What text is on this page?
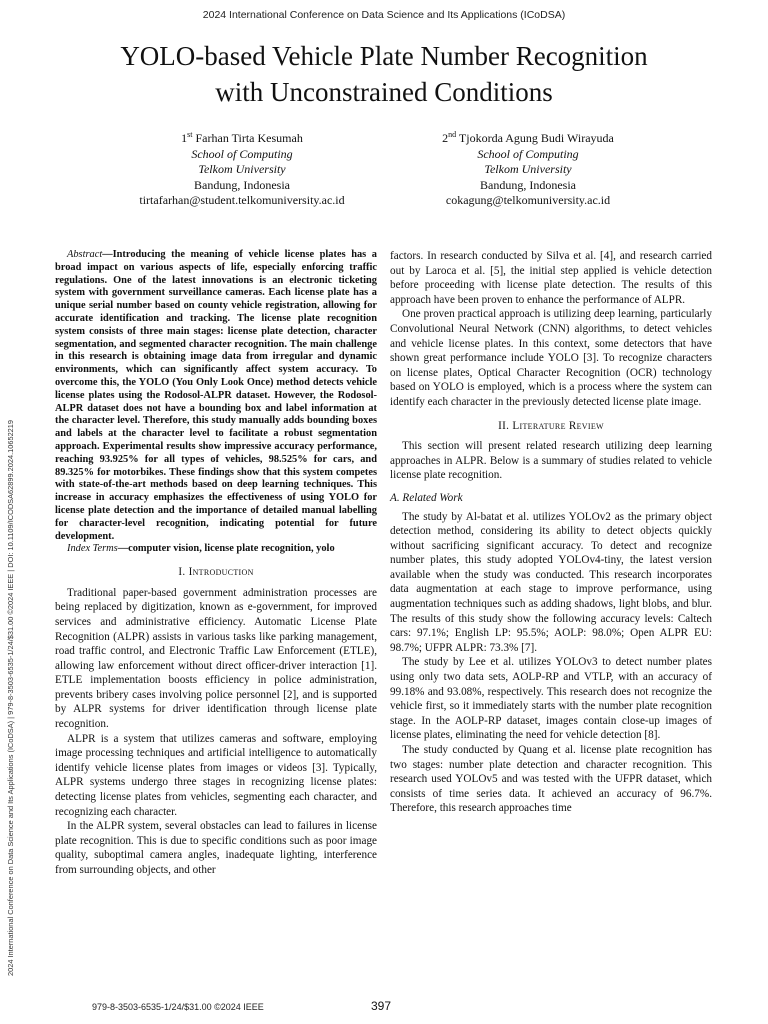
2024 International Conference on Data Science and Its Applications (ICoDSA)
YOLO-based Vehicle Plate Number Recognition
with Unconstrained Conditions
1st Farhan Tirta Kesumah
School of Computing
Telkom University
Bandung, Indonesia
tirtafarhan@student.telkomuniversity.ac.id
2nd Tjokorda Agung Budi Wirayuda
School of Computing
Telkom University
Bandung, Indonesia
cokagung@telkomuniversity.ac.id
2024 International Conference on Data Science and Its Applications (ICoDSA) | 979-8-3503-6535-1/24/$31.00 ©2024 IEEE | DOI: 10.1109/ICODSA62899.2024.10652219

Abstract—Introducing the meaning of vehicle license plates has a broad impact on various aspects of life, especially enforcing traffic regulations. One of the latest innovations is an electronic ticketing system with government surveillance cameras. Each license plate has a unique serial number based on county vehicle registration, allowing for accurate identification and tracking. The license plate recognition system consists of three main stages: license plate detection, character segmentation, and segmented character recognition. The main challenge in this research is obtaining image data from irregular and dynamic environments, which can significantly affect system accuracy. To overcome this, the YOLO (You Only Look Once) method detects vehicle license plates using the Rodosol-ALPR dataset. However, the Rodosol-ALPR dataset does not have a bounding box and label information at the character level. Therefore, this study manually adds bounding boxes and labels at the character level to facilitate a robust segmentation approach. Experimental results show impressive accuracy performance, reaching 93.925% for all types of vehicles, 98.525% for cars, and 89.325% for motorbikes. These findings show that this system competes with state-of-the-art methods based on deep learning techniques. This increase in accuracy emphasizes the effectiveness of using YOLO for license plate detection and the importance of detailed manual labelling for character-level recognition, indicating potential for future development.

Index Terms—computer vision, license plate recognition, yolo

I. Introduction

Traditional paper-based government administration processes are being replaced by digitization, known as e-government, for improved services and administrative efficiency. Automatic License Plate Recognition (ALPR) assists in various tasks like parking management, road traffic control, and Electronic Traffic Law Enforcement (ETLE), allowing law enforcement without direct officer-driver interaction [1]. ETLE implementation boosts efficiency in police administration, prevents bribery cases involving police personnel [2], and is supported by ALPR systems for driver identification through license plate recognition.

ALPR is a system that utilizes cameras and software, employing image processing techniques and artificial intelligence to automatically identify vehicle license plates from images or videos [3]. Typically, ALPR systems undergo three stages in recognizing license plates: detecting license plates from vehicles, segmenting each character, and recognizing each character.

In the ALPR system, several obstacles can lead to failures in license plate recognition. This is due to specific conditions such as poor image quality, suboptimal camera angles, inadequate lighting, interference from surrounding objects, and other

factors. In research conducted by Silva et al. [4], and research carried out by Laroca et al. [5], the initial step applied is vehicle detection before proceeding with license plate detection. The results of this approach have been proven to enhance the performance of ALPR.

One proven practical approach is utilizing deep learning, particularly Convolutional Neural Network (CNN) algorithms, to detect vehicles and vehicle license plates. In this context, some detectors that have shown great performance include YOLO [3]. To recognize characters on license plates, Optical Character Recognition (OCR) technology based on YOLO is employed, which is a process where the system can identify each character in the previously detected license plate image.

II. Literature Review

This section will present related research utilizing deep learning approaches in ALPR. Below is a summary of studies related to vehicle license plate recognition.

A. Related Work

The study by Al-batat et al. utilizes YOLOv2 as the primary object detection method, considering its ability to detect objects quickly without sacrificing significant accuracy. To detect and recognize number plates, this study adopted YOLOv4-tiny, the latest version available when the study was conducted. This research incorporates data augmentation at each stage to improve performance, using augmentation techniques such as adding shadows, light blobs, and blur. The results of this study show the following accuracy levels: Caltech cars: 97.1%; English LP: 95.5%; AOLP: 98.0%; Open ALPR EU: 98.7%; UFPR ALPR: 73.3% [7].

The study by Lee et al. utilizes YOLOv3 to detect number plates using only two data sets, AOLP-RP and VTLP, with an accuracy of 99.18% and 93.08%, respectively. This research does not recognize the vehicle first, so it immediately starts with the number plate recognition stage. In the AOLP-RP dataset, images contain close-up images of license plates, eliminating the need for vehicle detection [8].

The study conducted by Quang et al. license plate recognition has two stages: number plate detection and character recognition. This research used YOLOv5 and was tested with the UFPR dataset, which consists of time series data. It achieved an accuracy of 96.7%. Therefore, this research approaches time

979-8-3503-6535-1/24/$31.00 ©2024 IEEE	397
